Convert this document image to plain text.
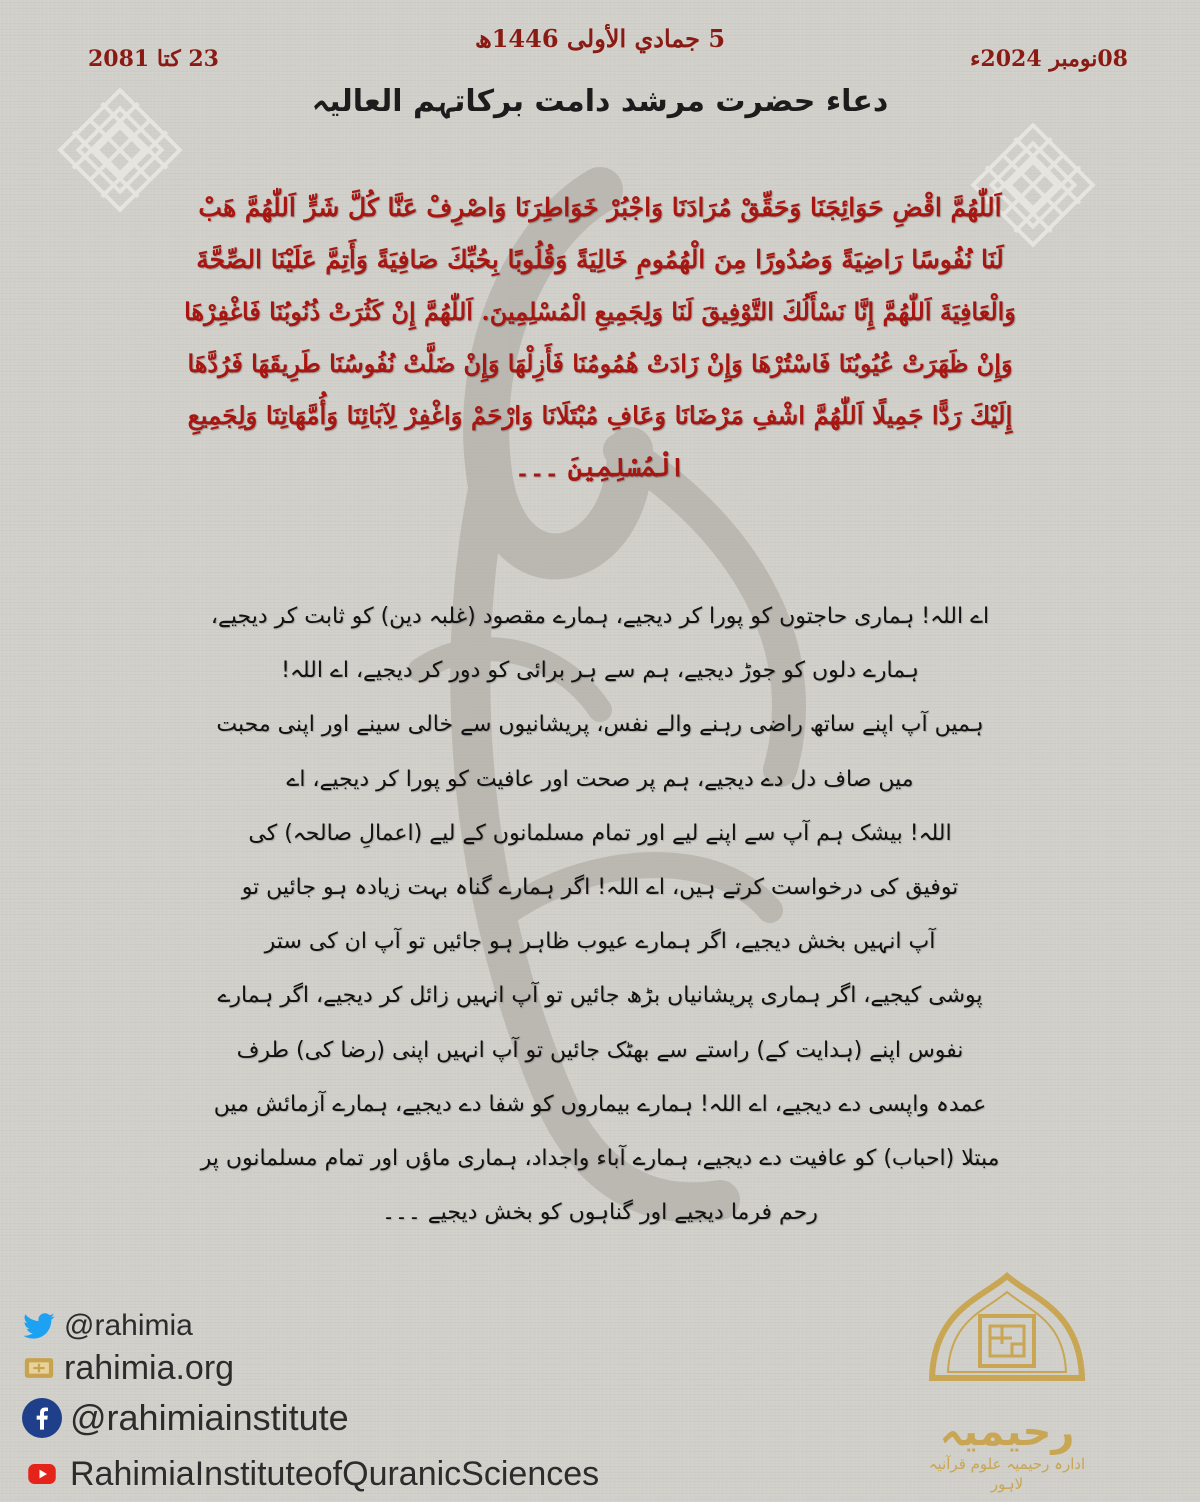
5 جمادي الأولى 1446ھ
23 کتا 2081	08نومبر 2024ء
دعاء حضرت مرشد دامت برکاتہم العالیہ

اَللّٰھُمَّ اقْضِ حَوَائِجَنَا وَحَقِّقْ مُرَادَنَا وَاجْبُرْ خَوَاطِرَنَا وَاصْرِفْ عَنَّا كُلَّ شَرٍّ اَللّٰھُمَّ ھَبْ

لَنَا نُفُوسًا رَاضِيَةً وَصُدُورًا مِنَ الْھُمُومِ خَالِيَةً وَقُلُوبًا بِحُبِّكَ صَافِيَةً وَأَتِمَّ عَلَيْنَا الصِّحَّةَ

وَالْعَافِيَةَ اَللّٰھُمَّ إِنَّا نَسْأَلُكَ التَّوْفِيقَ لَنَا وَلِجَمِيعِ الْمُسْلِمِينَ. اَللّٰھُمَّ إِنْ كَثُرَتْ ذُنُوبُنَا فَاغْفِرْھَا

وَإِنْ ظَھَرَتْ عُيُوبُنَا فَاسْتُرْھَا وَإِنْ زَادَتْ ھُمُومُنَا فَأَزِلْھَا وَإِنْ ضَلَّتْ نُفُوسُنَا طَرِيقَھَا فَرُدَّھَا

إِلَيْكَ رَدًّا جَمِيلًا اَللّٰھُمَّ اشْفِ مَرْضَانَا وَعَافِ مُبْتَلَانَا وَارْحَمْ وَاغْفِرْ لِآبَائِنَا وَأُمَّھَاتِنَا وَلِجَمِيعِ

الْمُسْلِمِينَ ۔۔۔

اے اللہ! ہماری حاجتوں کو پورا کر دیجیے، ہمارے مقصود (غلبہ دین) کو ثابت کر دیجیے،

ہمارے دلوں کو جوڑ دیجیے، ہم سے ہر برائی کو دور کر دیجیے، اے اللہ!

ہمیں آپ اپنے ساتھ راضی رہنے والے نفس، پریشانیوں سے خالی سینے اور اپنی محبت

میں صاف دل دے دیجیے، ہم پر صحت اور عافیت کو پورا کر دیجیے، اے

اللہ! بیشک ہم آپ سے اپنے لیے اور تمام مسلمانوں کے لیے (اعمالِ صالحہ) کی

توفیق کی درخواست کرتے ہیں، اے اللہ! اگر ہمارے گناہ بہت زیادہ ہو جائیں تو

آپ انہیں بخش دیجیے، اگر ہمارے عیوب ظاہر ہو جائیں تو آپ ان کی ستر

پوشی کیجیے، اگر ہماری پریشانیاں بڑھ جائیں تو آپ انہیں زائل کر دیجیے، اگر ہمارے

نفوس اپنے (ہدایت کے) راستے سے بھٹک جائیں تو آپ انہیں اپنی (رضا کی) طرف

عمدہ واپسی دے دیجیے، اے اللہ! ہمارے بیماروں کو شفا دے دیجیے، ہمارے آزمائش میں

مبتلا (احباب) کو عافیت دے دیجیے، ہمارے آباء واجداد، ہماری ماؤں اور تمام مسلمانوں پر

رحم فرما دیجیے اور گناہوں کو بخش دیجیے ۔۔۔

@rahimia
rahimia.org
@rahimiainstitute
RahimiaInstituteofQuranicSciences
رحیمیہ
ادارہ رحیمیہ علوم قرآنیہ لاہور
